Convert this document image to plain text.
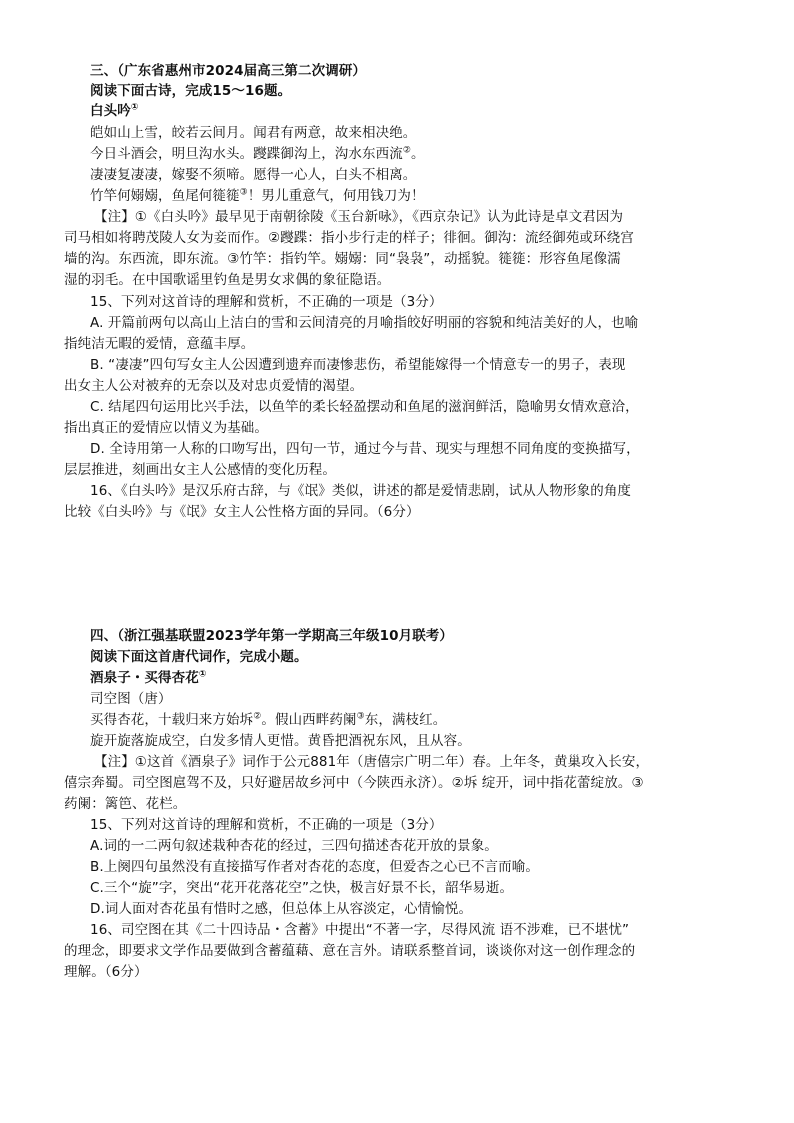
三、（广东省惠州市2024届高三第二次调研）
阅读下面古诗，完成15～16题。
白头吟①
皑如山上雪，皎若云间月。闻君有两意，故来相决绝。
今日斗酒会，明旦沟水头。躞蹀御沟上，沟水东西流②。
凄凄复凄凄，嫁娶不须啼。愿得一心人，白头不相离。
竹竿何嫋嫋，鱼尾何簁簁③！男儿重意气，何用钱刀为！
【注】①《白头吟》最早见于南朝徐陵《玉台新咏》，《西京杂记》认为此诗是卓文君因为
司马相如将聘茂陵人女为妾而作。②躞蹀：指小步行走的样子；徘徊。御沟：流经御苑或环绕宫
墙的沟。东西流，即东流。③竹竿：指钓竿。嫋嫋：同“袅袅”，动摇貌。簁簁：形容鱼尾像濡
湿的羽毛。在中国歌谣里钓鱼是男女求偶的象征隐语。
15、下列对这首诗的理解和赏析，不正确的一项是（3分）
A. 开篇前两句以高山上洁白的雪和云间清亮的月喻指皎好明丽的容貌和纯洁美好的人，也喻
指纯洁无暇的爱情，意蕴丰厚。
B. “凄凄”四句写女主人公因遭到遗弃而凄惨悲伤，希望能嫁得一个情意专一的男子，表现
出女主人公对被弃的无奈以及对忠贞爱情的渴望。
C. 结尾四句运用比兴手法，以鱼竿的柔长轻盈摆动和鱼尾的滋润鲜活，隐喻男女情欢意洽，
指出真正的爱情应以情义为基础。
D. 全诗用第一人称的口吻写出，四句一节，通过今与昔、现实与理想不同角度的变换描写，
层层推进，刻画出女主人公感情的变化历程。
16、《白头吟》是汉乐府古辞，与《氓》类似，讲述的都是爱情悲剧，试从人物形象的角度
比较《白头吟》与《氓》女主人公性格方面的异同。（6分）
四、（浙江强基联盟2023学年第一学期高三年级10月联考）
阅读下面这首唐代词作，完成小题。
酒泉子・买得杏花①
司空图（唐）
买得杏花，十载归来方始坼②。假山西畔药阑③东，满枝红。
旋开旋落旋成空，白发多情人更惜。黄昏把酒祝东风，且从容。
【注】①这首《酒泉子》词作于公元881年（唐僖宗广明二年）春。上年冬，黄巢攻入长安，
僖宗奔蜀。司空图扈驾不及，只好避居故乡河中（今陕西永济）。②坼 绽开，词中指花蕾绽放。③
药阑：篱笆、花栏。
15、下列对这首诗的理解和赏析，不正确的一项是（3分）
A.词的一二两句叙述栽种杏花的经过，三四句描述杏花开放的景象。
B.上阕四句虽然没有直接描写作者对杏花的态度，但爱杏之心已不言而喻。
C.三个“旋”字，突出“花开花落花空”之快，极言好景不长，韶华易逝。
D.词人面对杏花虽有惜时之感，但总体上从容淡定，心情愉悦。
16、司空图在其《二十四诗品・含蓄》中提出“不著一字，尽得风流 语不涉难，已不堪忧”
的理念，即要求文学作品要做到含蓄蕴藉、意在言外。请联系整首词，谈谈你对这一创作理念的
理解。（6分）
